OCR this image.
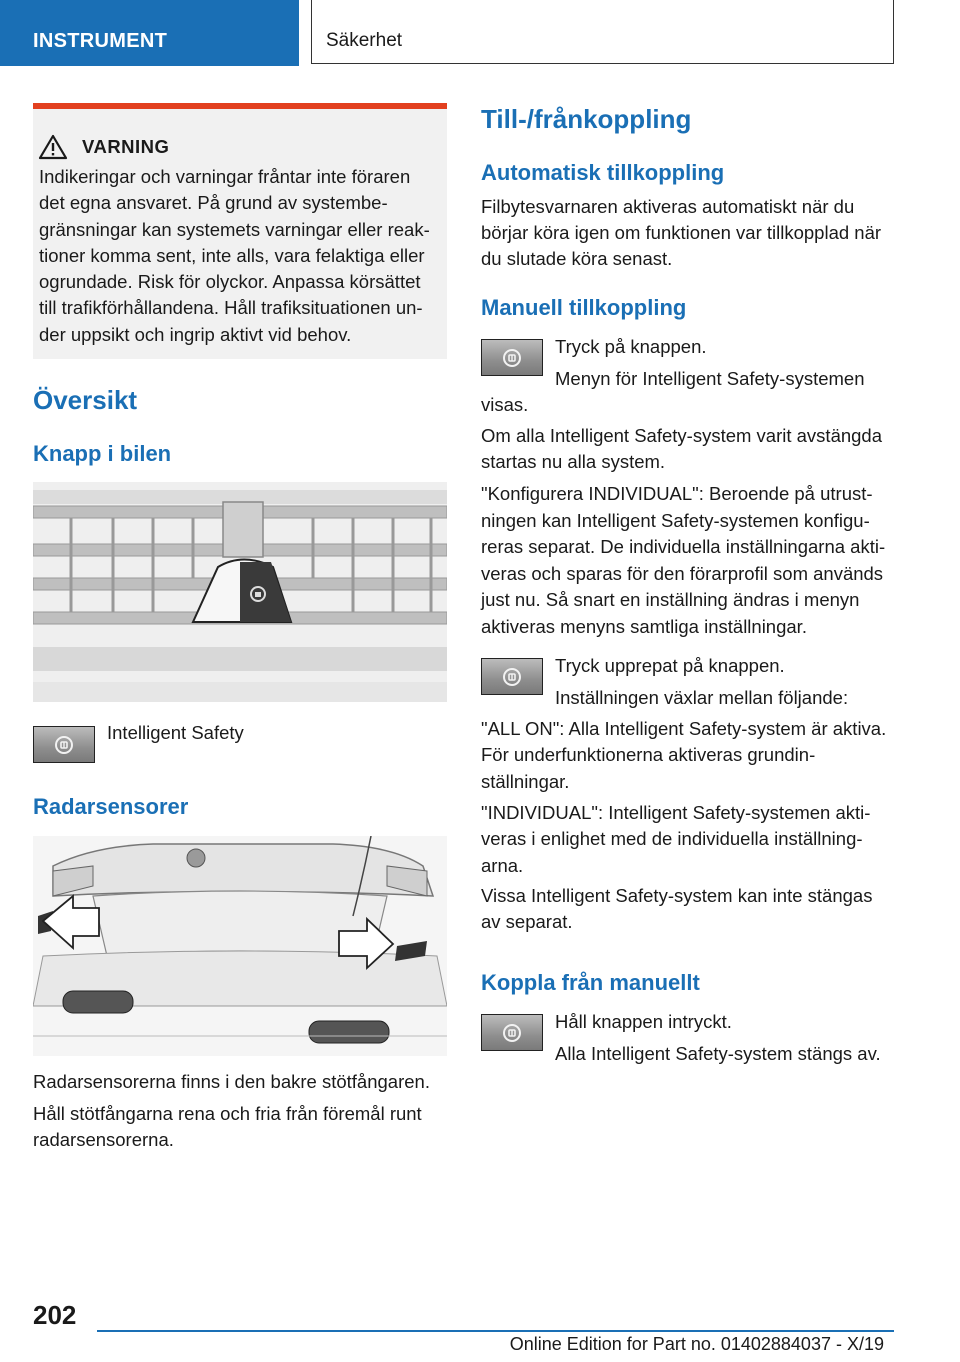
INSTRUMENT	Säkerhet
VARNING

Indikeringar och varningar fråntar inte föraren det egna ansvaret. På grund av systembegränsningar kan systemets varningar eller reaktioner komma sent, inte alls, vara felaktiga eller ogrundade. Risk för olyckor. Anpassa körsättet till trafikförhållandena. Håll trafiksituationen under uppsikt och ingrip aktivt vid behov.

Översikt
Knapp i bilen
Intelligent Safety
Radarsensorer

Radarsensorerna finns i den bakre stötfångaren.

Håll stötfångarna rena och fria från föremål runt radarsensorerna.

Till-/frånkoppling
Automatisk tillkoppling

Filbytesvarnaren aktiveras automatiskt när du börjar köra igen om funktionen var tillkopplad när du slutade köra senast.

Manuell tillkoppling
Tryck på knappen.

Menyn för Intelligent Safety-systemen visas.

Om alla Intelligent Safety-system varit avstängda startas nu alla system.

"Konfigurera INDIVIDUAL": Beroende på utrustningen kan Intelligent Safety-systemen konfigureras separat. De individuella inställningarna aktiveras och sparas för den förarprofil som används just nu. Så snart en inställning ändras i menyn aktiveras menyns samtliga inställningar.

Tryck upprepat på knappen.
Inställningen växlar mellan följande:

"ALL ON": Alla Intelligent Safety-system är aktiva. För underfunktionerna aktiveras grundinställningar.

"INDIVIDUAL": Intelligent Safety-systemen aktiveras i enlighet med de individuella inställningarna.

Vissa Intelligent Safety-system kan inte stängas av separat.

Koppla från manuellt
Håll knappen intryckt.
Alla Intelligent Safety-system stängs av.
202
Online Edition for Part no. 01402884037 - X/19
